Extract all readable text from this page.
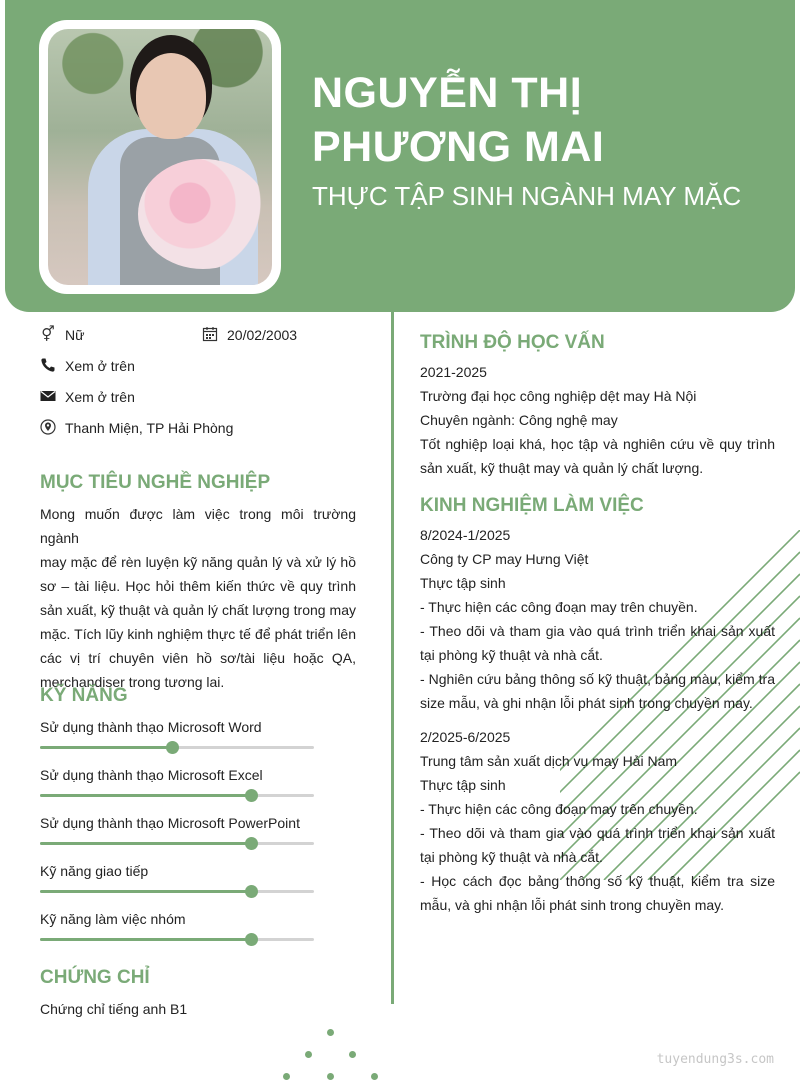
NGUYỄN THỊ
PHƯƠNG MAI
THỰC TẬP SINH NGÀNH MAY MẶC
⚥ Nữ	20/02/2003
Xem ở trên
Xem ở trên
Thanh Miện, TP Hải Phòng
MỤC TIÊU NGHỀ NGHIỆP
Mong muốn được làm việc trong môi trường ngành
may mặc để rèn luyện kỹ năng quản lý và xử lý hồ
sơ – tài liệu. Học hỏi thêm kiến thức về quy trình
sản xuất, kỹ thuật và quản lý chất lượng trong may
mặc. Tích lũy kinh nghiệm thực tế để phát triển lên
các vị trí chuyên viên hồ sơ/tài liệu hoặc QA,
merchandiser trong tương lai.
KỸ NĂNG
Sử dụng thành thạo Microsoft Word
Sử dụng thành thạo Microsoft Excel
Sử dụng thành thạo Microsoft PowerPoint
Kỹ năng giao tiếp
Kỹ năng làm việc nhóm
CHỨNG CHỈ
Chứng chỉ tiếng anh B1
TRÌNH ĐỘ HỌC VẤN
2021-2025
Trường đại học công nghiệp dệt may Hà Nội
Chuyên ngành: Công nghệ may
Tốt nghiệp loại khá, học tập và nghiên cứu về quy trình
sản xuất, kỹ thuật may và quản lý chất lượng.
KINH NGHIỆM LÀM VIỆC
8/2024-1/2025
Công ty CP may Hưng Việt
Thực tập sinh
- Thực hiện các công đoạn may trên chuyền.
- Theo dõi và tham gia vào quá trình triển khai sản xuất
tại phòng kỹ thuật và nhà cắt.
- Nghiên cứu bảng thông số kỹ thuật, bảng màu, kiểm tra
size mẫu, và ghi nhận lỗi phát sinh trong chuyền may.
2/2025-6/2025
Trung tâm sản xuất dịch vụ may Hải Nam
Thực tập sinh
- Thực hiện các công đoạn may trên chuyền.
- Theo dõi và tham gia vào quá trình triển khai sản xuất
tại phòng kỹ thuật và nhà cắt.
- Học cách đọc bảng thông số kỹ thuật, kiểm tra size
mẫu, và ghi nhận lỗi phát sinh trong chuyền may.
tuyendung3s.com
